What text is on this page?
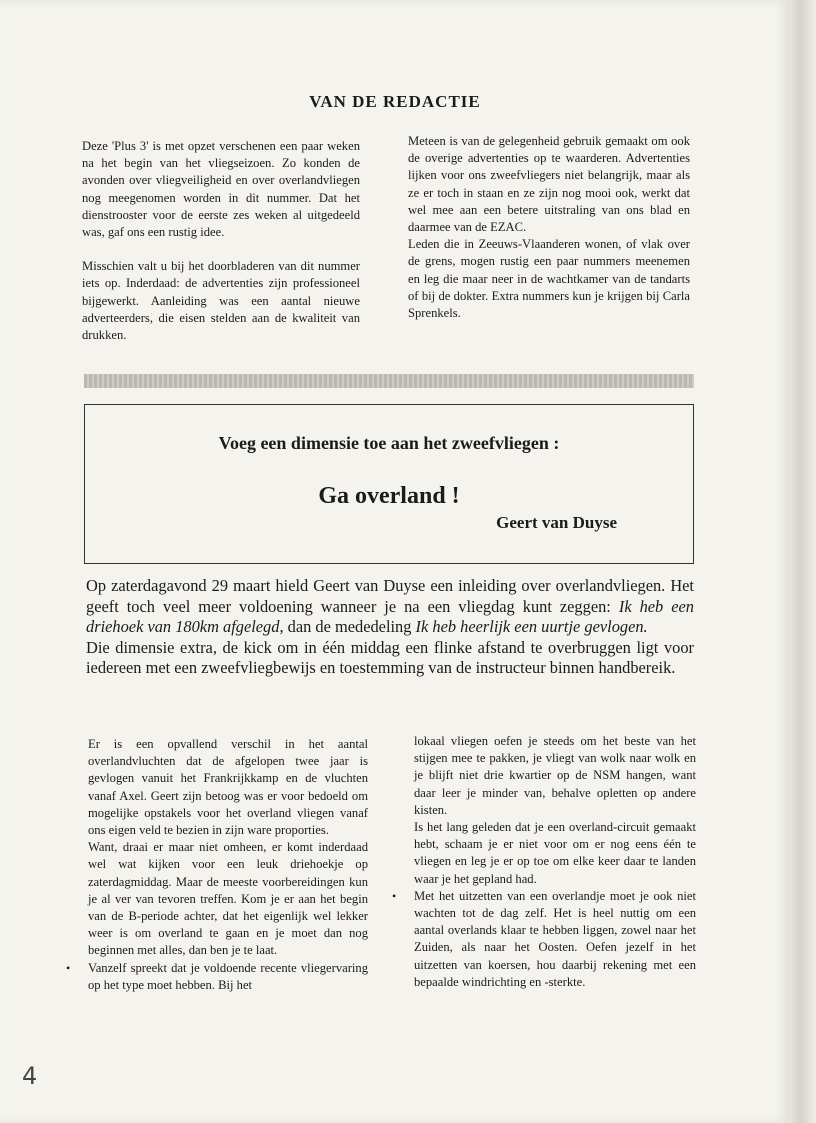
VAN DE REDACTIE

Deze 'Plus 3' is met opzet verschenen een paar weken na het begin van het vliegseizoen. Zo konden de avonden over vliegveiligheid en over overlandvliegen nog meegenomen worden in dit nummer. Dat het dienstrooster voor de eerste zes weken al uitgedeeld was, gaf ons een rustig idee.

Misschien valt u bij het doorbladeren van dit nummer iets op. Inderdaad: de advertenties zijn professioneel bijgewerkt. Aanleiding was een aantal nieuwe adverteerders, die eisen stelden aan de kwaliteit van drukken.

Meteen is van de gelegenheid gebruik gemaakt om ook de overige advertenties op te waarderen. Advertenties lijken voor ons zweefvliegers niet belangrijk, maar als ze er toch in staan en ze zijn nog mooi ook, werkt dat wel mee aan een betere uitstraling van ons blad en daarmee van de EZAC.

Leden die in Zeeuws-Vlaanderen wonen, of vlak over de grens, mogen rustig een paar nummers meenemen en leg die maar neer in de wachtkamer van de tandarts of bij de dokter. Extra nummers kun je krijgen bij Carla Sprenkels.

Voeg een dimensie toe aan het zweefvliegen :
Ga overland !
Geert van Duyse

Op zaterdagavond 29 maart hield Geert van Duyse een inleiding over overlandvliegen. Het geeft toch veel meer voldoening wanneer je na een vliegdag kunt zeggen: Ik heb een driehoek van 180km afgelegd, dan de mededeling Ik heb heerlijk een uurtje gevlogen.

Die dimensie extra, de kick om in één middag een flinke afstand te overbruggen ligt voor iedereen met een zweefvliegbewijs en toestemming van de instructeur binnen handbereik.

Er is een opvallend verschil in het aantal overlandvluchten dat de afgelopen twee jaar is gevlogen vanuit het Frankrijkkamp en de vluchten vanaf Axel. Geert zijn betoog was er voor bedoeld om mogelijke opstakels voor het overland vliegen vanaf ons eigen veld te bezien in zijn ware proporties.

Want, draai er maar niet omheen, er komt inderdaad wel wat kijken voor een leuk driehoekje op zaterdagmiddag. Maar de meeste voorbereidingen kun je al ver van tevoren treffen. Kom je er aan het begin van de B-periode achter, dat het eigenlijk wel lekker weer is om overland te gaan en je moet dan nog beginnen met alles, dan ben je te laat.

• Vanzelf spreekt dat je voldoende recente vliegervaring op het type moet hebben. Bij het

lokaal vliegen oefen je steeds om het beste van het stijgen mee te pakken, je vliegt van wolk naar wolk en je blijft niet drie kwartier op de NSM hangen, want daar leer je minder van, behalve opletten op andere kisten.

Is het lang geleden dat je een overland-circuit gemaakt hebt, schaam je er niet voor om er nog eens één te vliegen en leg je er op toe om elke keer daar te landen waar je het gepland had.

• Met het uitzetten van een overlandje moet je ook niet wachten tot de dag zelf. Het is heel nuttig om een aantal overlands klaar te hebben liggen, zowel naar het Zuiden, als naar het Oosten. Oefen jezelf in het uitzetten van koersen, hou daarbij rekening met een bepaalde windrichting en -sterkte.
4
